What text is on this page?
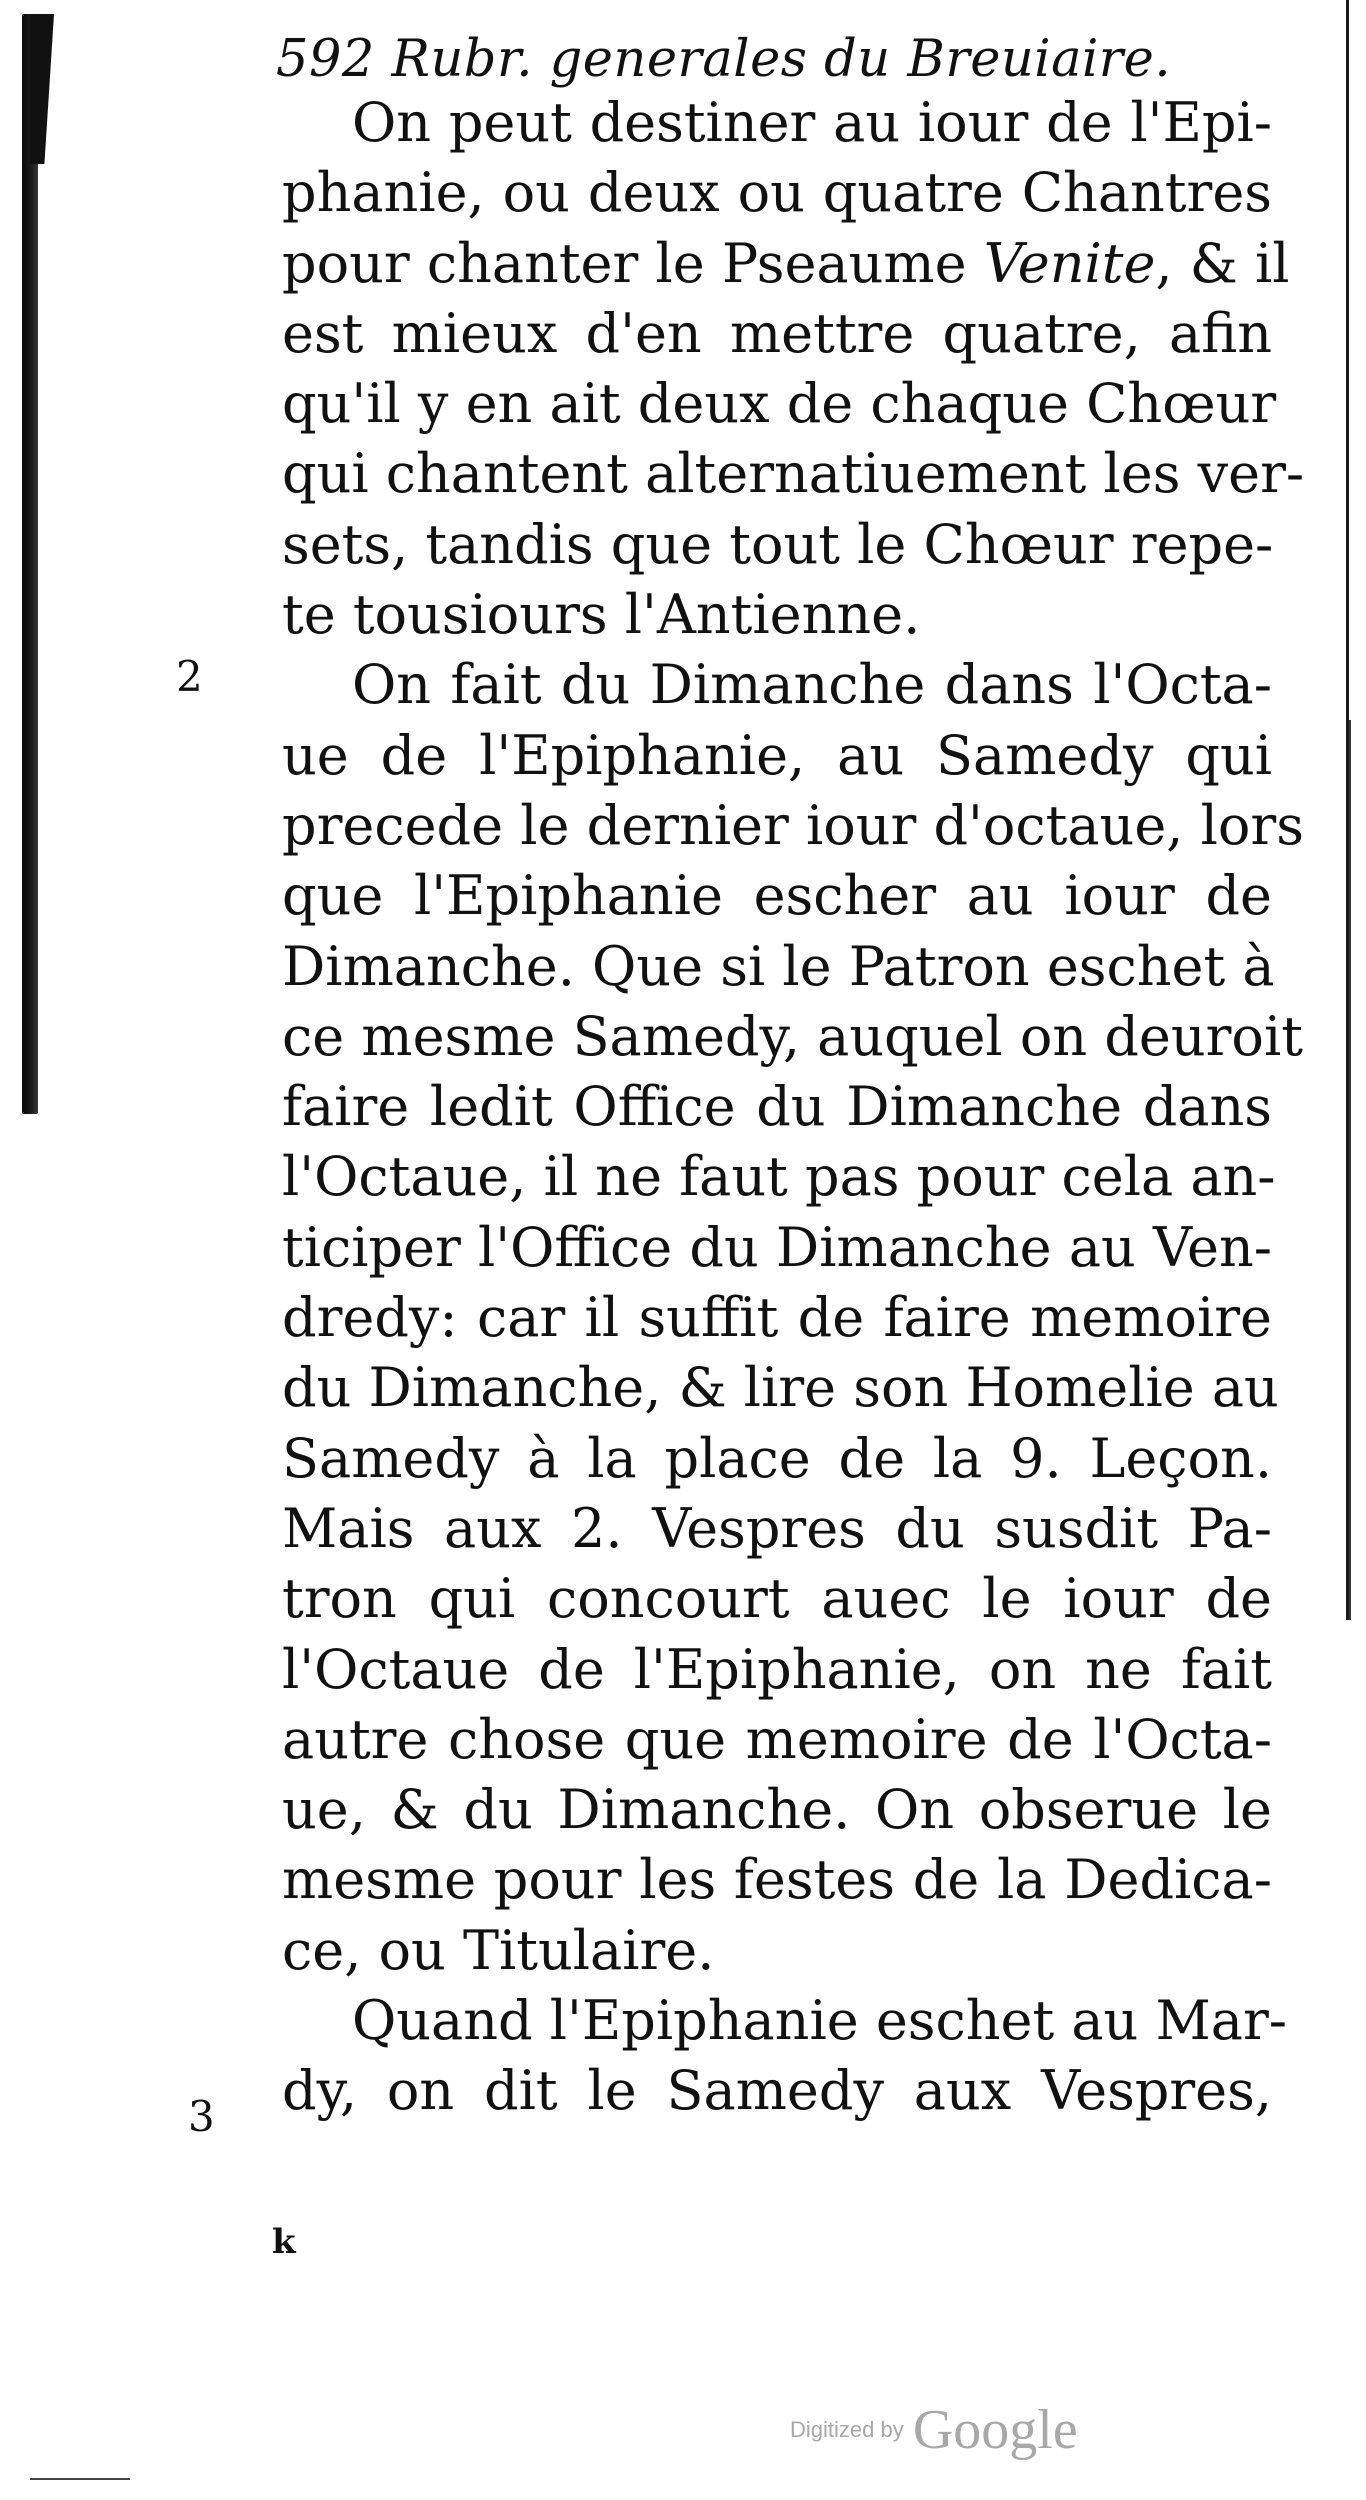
592 Rubr. generales du Breuiaire.
2
3
On peut destiner au iour de l'Epi-
phanie, ou deux ou quatre Chantres
pour chanter le Pseaume Venite, & il
est mieux d'en mettre quatre, afin
qu'il y en ait deux de chaque Chœur
qui chantent alternatiuement les ver-
sets, tandis que tout le Chœur repe-
te tousiours l'Antienne.
On fait du Dimanche dans l'Octa-
ue de l'Epiphanie, au Samedy qui
precede le dernier iour d'octaue, lors
que l'Epiphanie escher au iour de
Dimanche. Que si le Patron eschet à
ce mesme Samedy, auquel on deuroit
faire ledit Office du Dimanche dans
l'Octaue, il ne faut pas pour cela an-
ticiper l'Office du Dimanche au Ven-
dredy: car il suffit de faire memoire
du Dimanche, & lire son Homelie au
Samedy à la place de la 9. Leçon.
Mais aux 2. Vespres du susdit Pa-
tron qui concourt auec le iour de
l'Octaue de l'Epiphanie, on ne fait
autre chose que memoire de l'Octa-
ue, & du Dimanche. On obserue le
mesme pour les festes de la Dedica-
ce, ou Titulaire.
Quand l'Epiphanie eschet au Mar-
dy, on dit le Samedy aux Vespres,
k
Digitized by Google
